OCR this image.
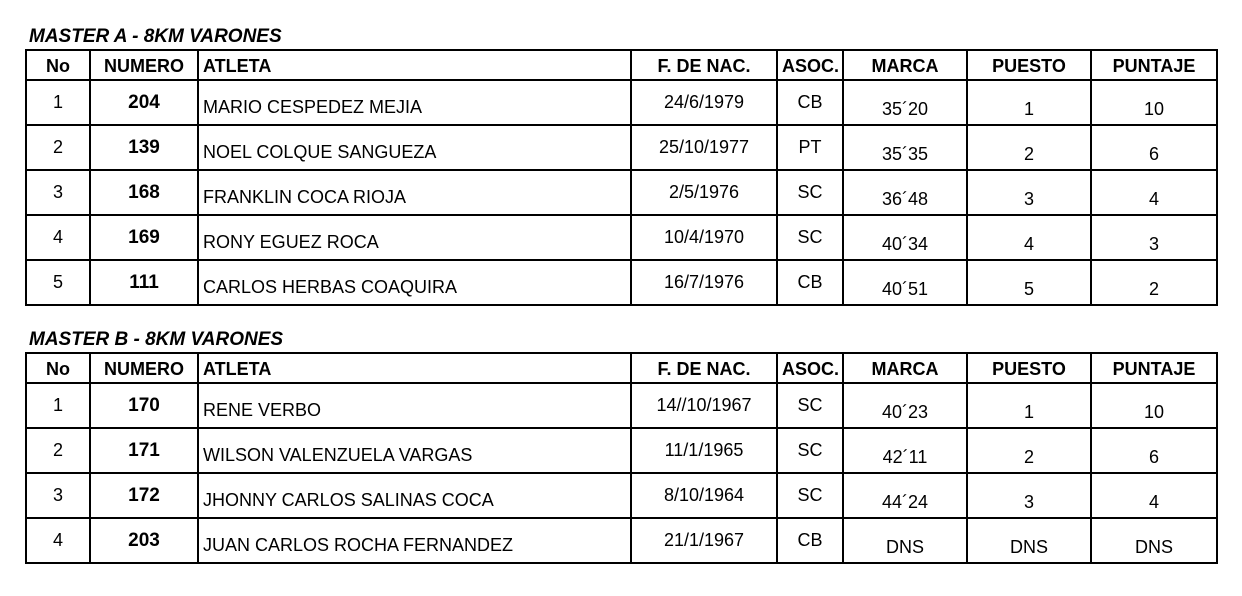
MASTER A - 8KM VARONES
No	NUMERO	ATLETA	F. DE NAC.	ASOC.	MARCA	PUESTO	PUNTAJE
1	204	MARIO CESPEDEZ MEJIA	24/6/1979	CB	35´20	1	10
2	139	NOEL COLQUE SANGUEZA	25/10/1977	PT	35´35	2	6
3	168	FRANKLIN COCA RIOJA	2/5/1976	SC	36´48	3	4
4	169	RONY EGUEZ ROCA	10/4/1970	SC	40´34	4	3
5	111	CARLOS HERBAS COAQUIRA	16/7/1976	CB	40´51	5	2
MASTER B - 8KM VARONES
No	NUMERO	ATLETA	F. DE NAC.	ASOC.	MARCA	PUESTO	PUNTAJE
1	170	RENE VERBO	14//10/1967	SC	40´23	1	10
2	171	WILSON VALENZUELA VARGAS	11/1/1965	SC	42´11	2	6
3	172	JHONNY CARLOS SALINAS COCA	8/10/1964	SC	44´24	3	4
4	203	JUAN CARLOS ROCHA FERNANDEZ	21/1/1967	CB	DNS	DNS	DNS
